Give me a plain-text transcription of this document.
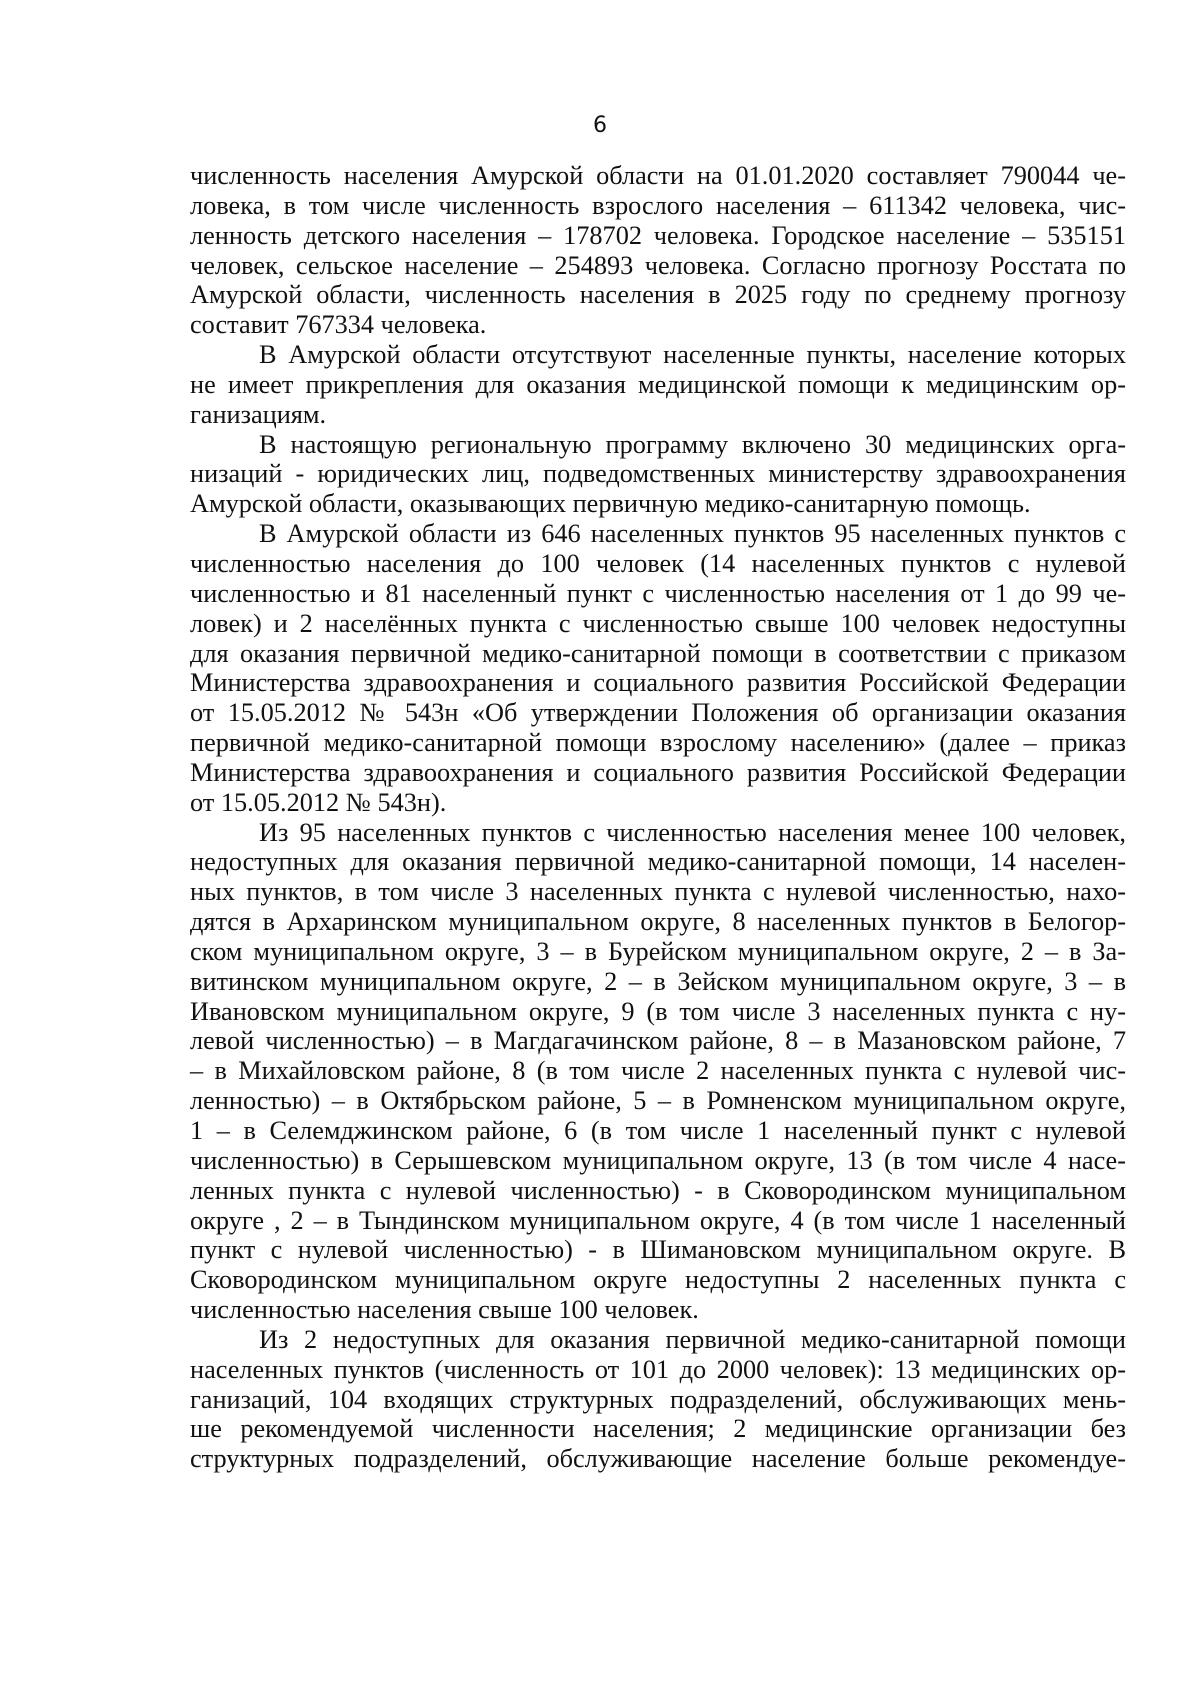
6
численность населения Амурской области на 01.01.2020 составляет 790044 че-
ловека, в том числе численность взрослого населения – 611342 человека, чис-
ленность детского населения – 178702 человека. Городское население – 535151
человек, сельское население – 254893 человека. Согласно прогнозу Росстата по
Амурской области, численность населения в 2025 году по среднему прогнозу
составит 767334 человека.
В Амурской области отсутствуют населенные пункты, население которых
не имеет прикрепления для оказания медицинской помощи к медицинским ор-
ганизациям.
В настоящую региональную программу включено 30 медицинских орга-
низаций - юридических лиц, подведомственных министерству здравоохранения
Амурской области, оказывающих первичную медико-санитарную помощь.
В Амурской области из 646 населенных пунктов 95 населенных пунктов с
численностью населения до 100 человек (14 населенных пунктов с нулевой
численностью и 81 населенный пункт с численностью населения от 1 до 99 че-
ловек) и 2 населённых пункта с численностью свыше 100 человек недоступны
для оказания первичной медико-санитарной помощи в соответствии с приказом
Министерства здравоохранения и социального развития Российской Федерации
от 15.05.2012 № 543н «Об утверждении Положения об организации оказания
первичной медико-санитарной помощи взрослому населению» (далее – приказ
Министерства здравоохранения и социального развития Российской Федерации
от 15.05.2012 № 543н).
Из 95 населенных пунктов с численностью населения менее 100 человек,
недоступных для оказания первичной медико-санитарной помощи, 14 населен-
ных пунктов, в том числе 3 населенных пункта с нулевой численностью, нахо-
дятся в Архаринском муниципальном округе, 8 населенных пунктов в Белогор-
ском муниципальном округе, 3 – в Бурейском муниципальном округе, 2 – в За-
витинском муниципальном округе, 2 – в Зейском муниципальном округе, 3 – в
Ивановском муниципальном округе, 9 (в том числе 3 населенных пункта с ну-
левой численностью) – в Магдагачинском районе, 8 – в Мазановском районе, 7
– в Михайловском районе, 8 (в том числе 2 населенных пункта с нулевой чис-
ленностью) – в Октябрьском районе, 5 – в Ромненском муниципальном округе,
1 – в Селемджинском районе, 6 (в том числе 1 населенный пункт с нулевой
численностью) в Серышевском муниципальном округе, 13 (в том числе 4 насе-
ленных пункта с нулевой численностью) - в Сковородинском муниципальном
округе , 2 – в Тындинском муниципальном округе, 4 (в том числе 1 населенный
пункт с нулевой численностью) - в Шимановском муниципальном округе. В
Сковородинском муниципальном округе недоступны 2 населенных пункта с
численностью населения свыше 100 человек.
Из 2 недоступных для оказания первичной медико-санитарной помощи
населенных пунктов (численность от 101 до 2000 человек): 13 медицинских ор-
ганизаций, 104 входящих структурных подразделений, обслуживающих мень-
ше рекомендуемой численности населения; 2 медицинские организации без
структурных подразделений, обслуживающие население больше рекомендуе-
